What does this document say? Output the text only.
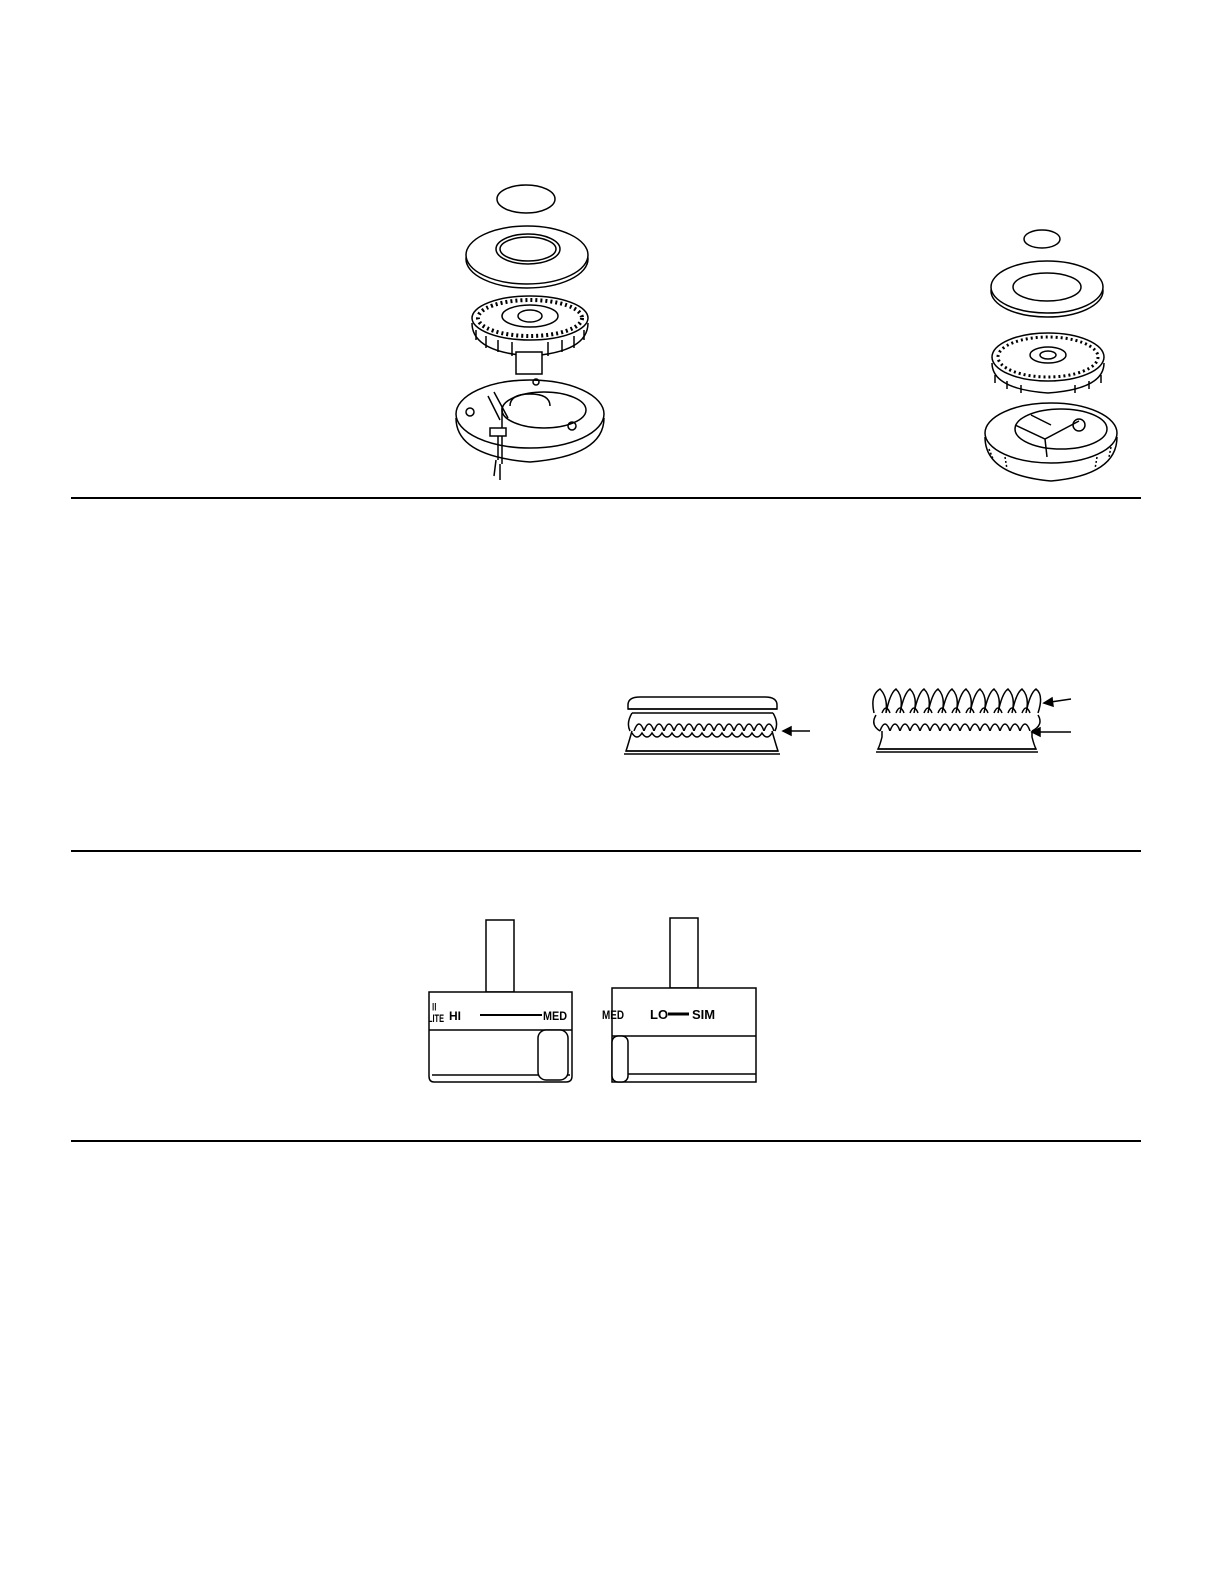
||
LITE HI	MED	MED LO SIM
